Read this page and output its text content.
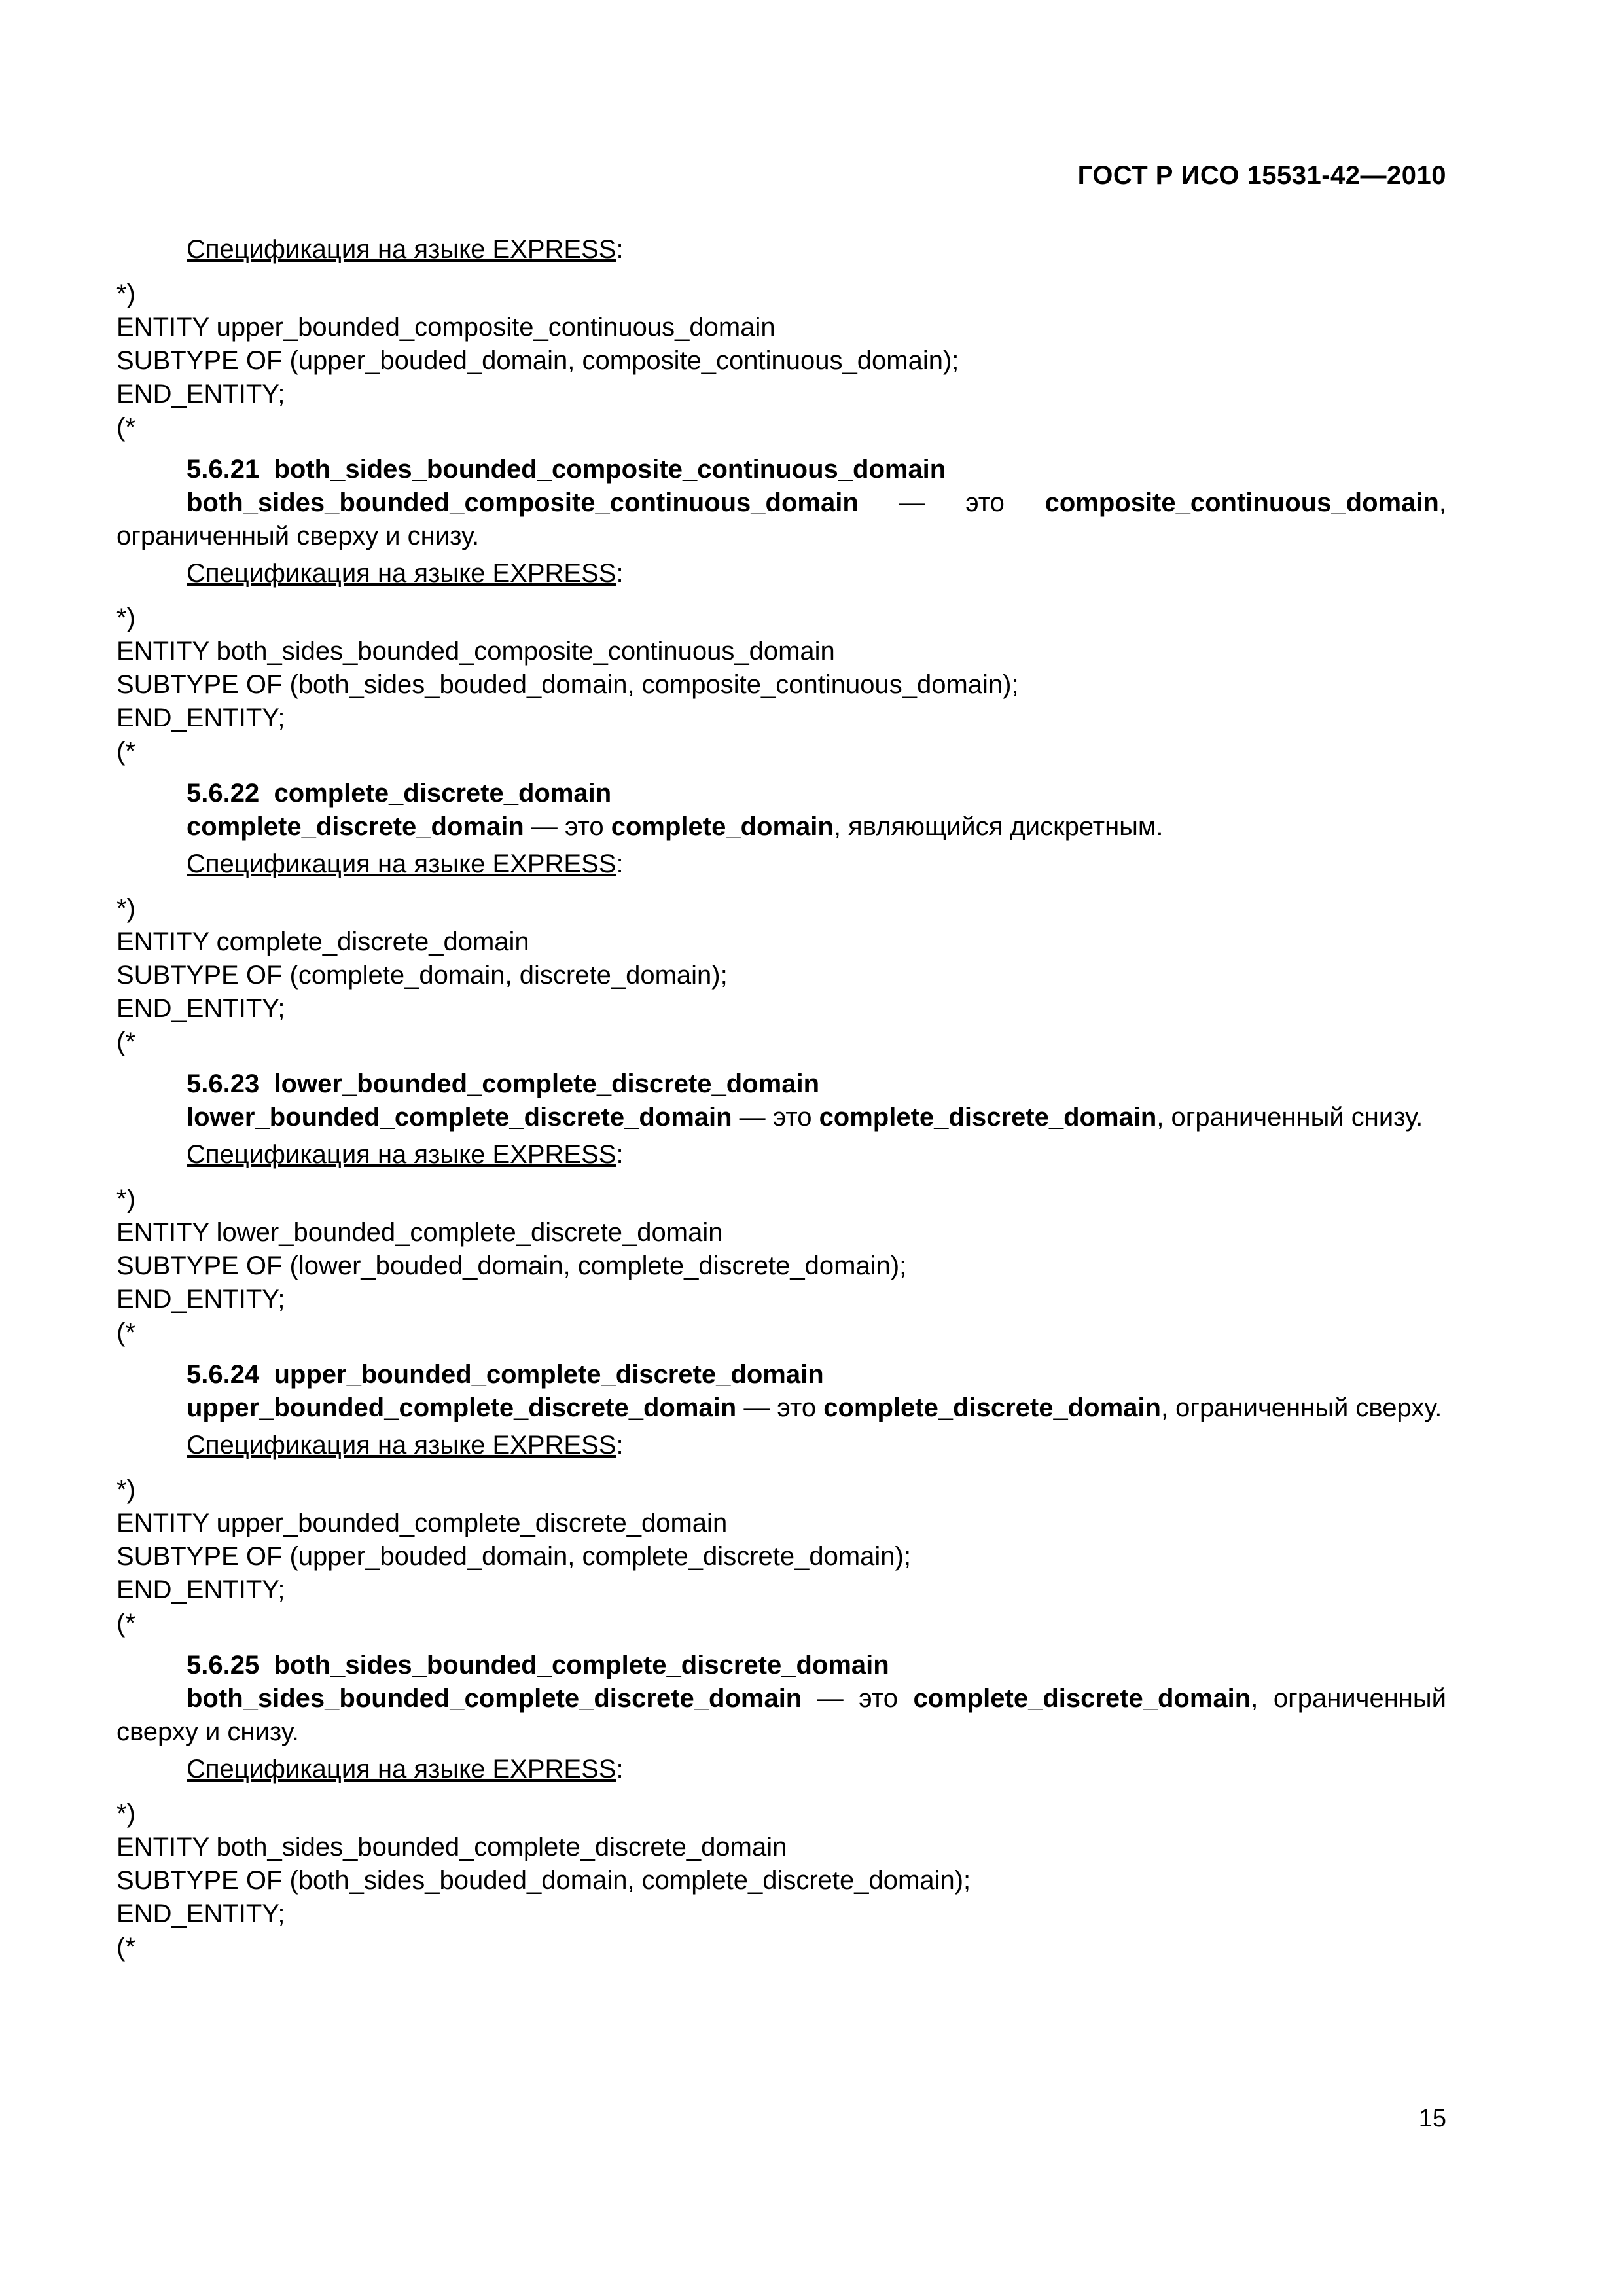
ГОСТ Р ИСО 15531-42—2010
Спецификация на языке EXPRESS:
*)
ENTITY upper_bounded_composite_continuous_domain
SUBTYPE OF (upper_bouded_domain, composite_continuous_domain);
END_ENTITY;
(*
5.6.21 both_sides_bounded_composite_continuous_domain
both_sides_bounded_composite_continuous_domain — это composite_continuous_domain, ограниченный сверху и снизу.
Спецификация на языке EXPRESS:
*)
ENTITY both_sides_bounded_composite_continuous_domain
SUBTYPE OF (both_sides_bouded_domain, composite_continuous_domain);
END_ENTITY;
(*
5.6.22 complete_discrete_domain
complete_discrete_domain — это complete_domain, являющийся дискретным.
Спецификация на языке EXPRESS:
*)
ENTITY complete_discrete_domain
SUBTYPE OF (complete_domain, discrete_domain);
END_ENTITY;
(*
5.6.23 lower_bounded_complete_discrete_domain
lower_bounded_complete_discrete_domain — это complete_discrete_domain, ограниченный снизу.
Спецификация на языке EXPRESS:
*)
ENTITY lower_bounded_complete_discrete_domain
SUBTYPE OF (lower_bouded_domain, complete_discrete_domain);
END_ENTITY;
(*
5.6.24 upper_bounded_complete_discrete_domain
upper_bounded_complete_discrete_domain — это complete_discrete_domain, ограниченный сверху.
Спецификация на языке EXPRESS:
*)
ENTITY upper_bounded_complete_discrete_domain
SUBTYPE OF (upper_bouded_domain, complete_discrete_domain);
END_ENTITY;
(*
5.6.25 both_sides_bounded_complete_discrete_domain
both_sides_bounded_complete_discrete_domain — это complete_discrete_domain, ограниченный сверху и снизу.
Спецификация на языке EXPRESS:
*)
ENTITY both_sides_bounded_complete_discrete_domain
SUBTYPE OF (both_sides_bouded_domain, complete_discrete_domain);
END_ENTITY;
(*
15
